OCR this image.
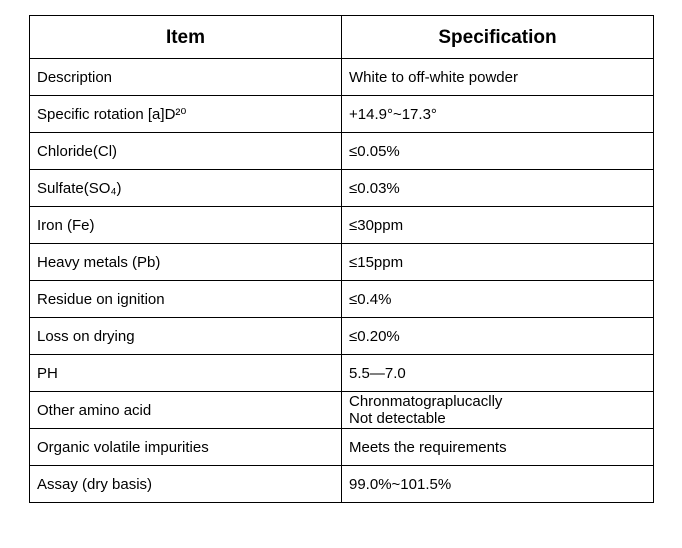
Item	Specification
Description	White to off-white powder

Specific rotation [a]D²⁰	+14.9°~17.3°

Chloride(Cl)	≤0.05%

Sulfate(SO₄)	≤0.03%

Iron (Fe)	≤30ppm

Heavy metals (Pb)	≤15ppm

Residue on ignition	≤0.4%

Loss on drying	≤0.20%

PH	5.5—7.0

Other amino acid	Chronmatograplucaclly
Not detectable

Organic volatile impurities	Meets the requirements

Assay (dry basis)	99.0%~101.5%
